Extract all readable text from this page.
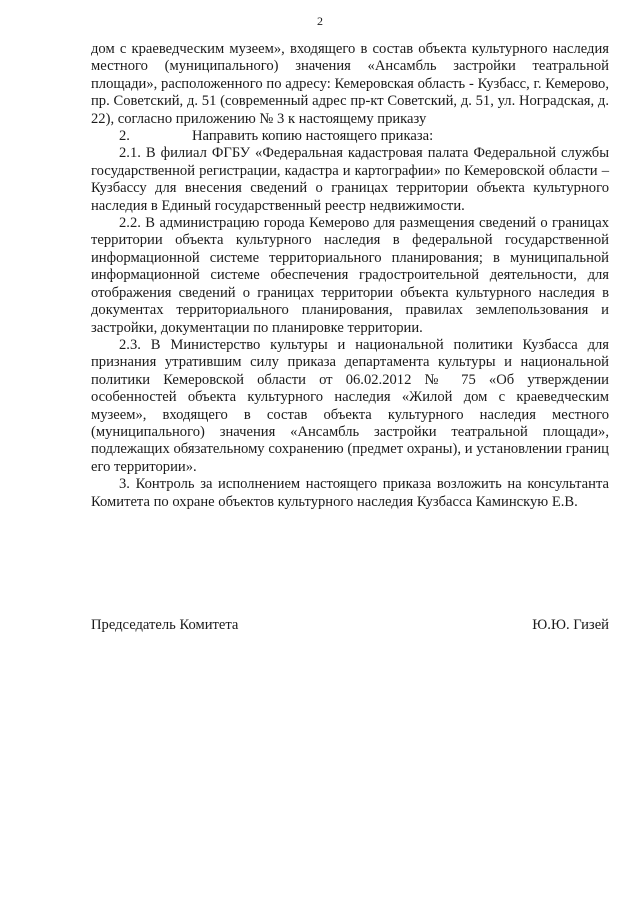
2

дом с краеведческим музеем», входящего в состав объекта культурного наследия местного (муниципального) значения «Ансамбль застройки театральной площади», расположенного по адресу: Кемеровская область - Кузбасс, г. Кемерово, пр. Советский, д. 51 (современный адрес пр-кт Советский, д. 51, ул. Ноградская, д. 22), согласно приложению № 3 к настоящему приказу

2.	Направить копию настоящего приказа:

2.1. В филиал ФГБУ «Федеральная кадастровая палата Федеральной службы государственной регистрации, кадастра и картографии» по Кемеровской области – Кузбассу для внесения сведений о границах территории объекта культурного наследия в Единый государственный реестр недвижимости.

2.2. В администрацию города Кемерово для размещения сведений о границах территории объекта культурного наследия в федеральной государственной информационной системе территориального планирования; в муниципальной информационной системе обеспечения градостроительной деятельности, для отображения сведений о границах территории объекта культурного наследия в документах территориального планирования, правилах землепользования и застройки, документации по планировке территории.

2.3. В Министерство культуры и национальной политики Кузбасса для признания утратившим силу приказа департамента культуры и национальной политики Кемеровской области от 06.02.2012 № 75 «Об утверждении особенностей объекта культурного наследия «Жилой дом с краеведческим музеем», входящего в состав объекта культурного наследия местного (муниципального) значения «Ансамбль застройки театральной площади», подлежащих обязательному сохранению (предмет охраны), и установлении границ его территории».

3. Контроль за исполнением настоящего приказа возложить на консультанта Комитета по охране объектов культурного наследия Кузбасса Каминскую Е.В.

Председатель Комитета	Ю.Ю. Гизей
